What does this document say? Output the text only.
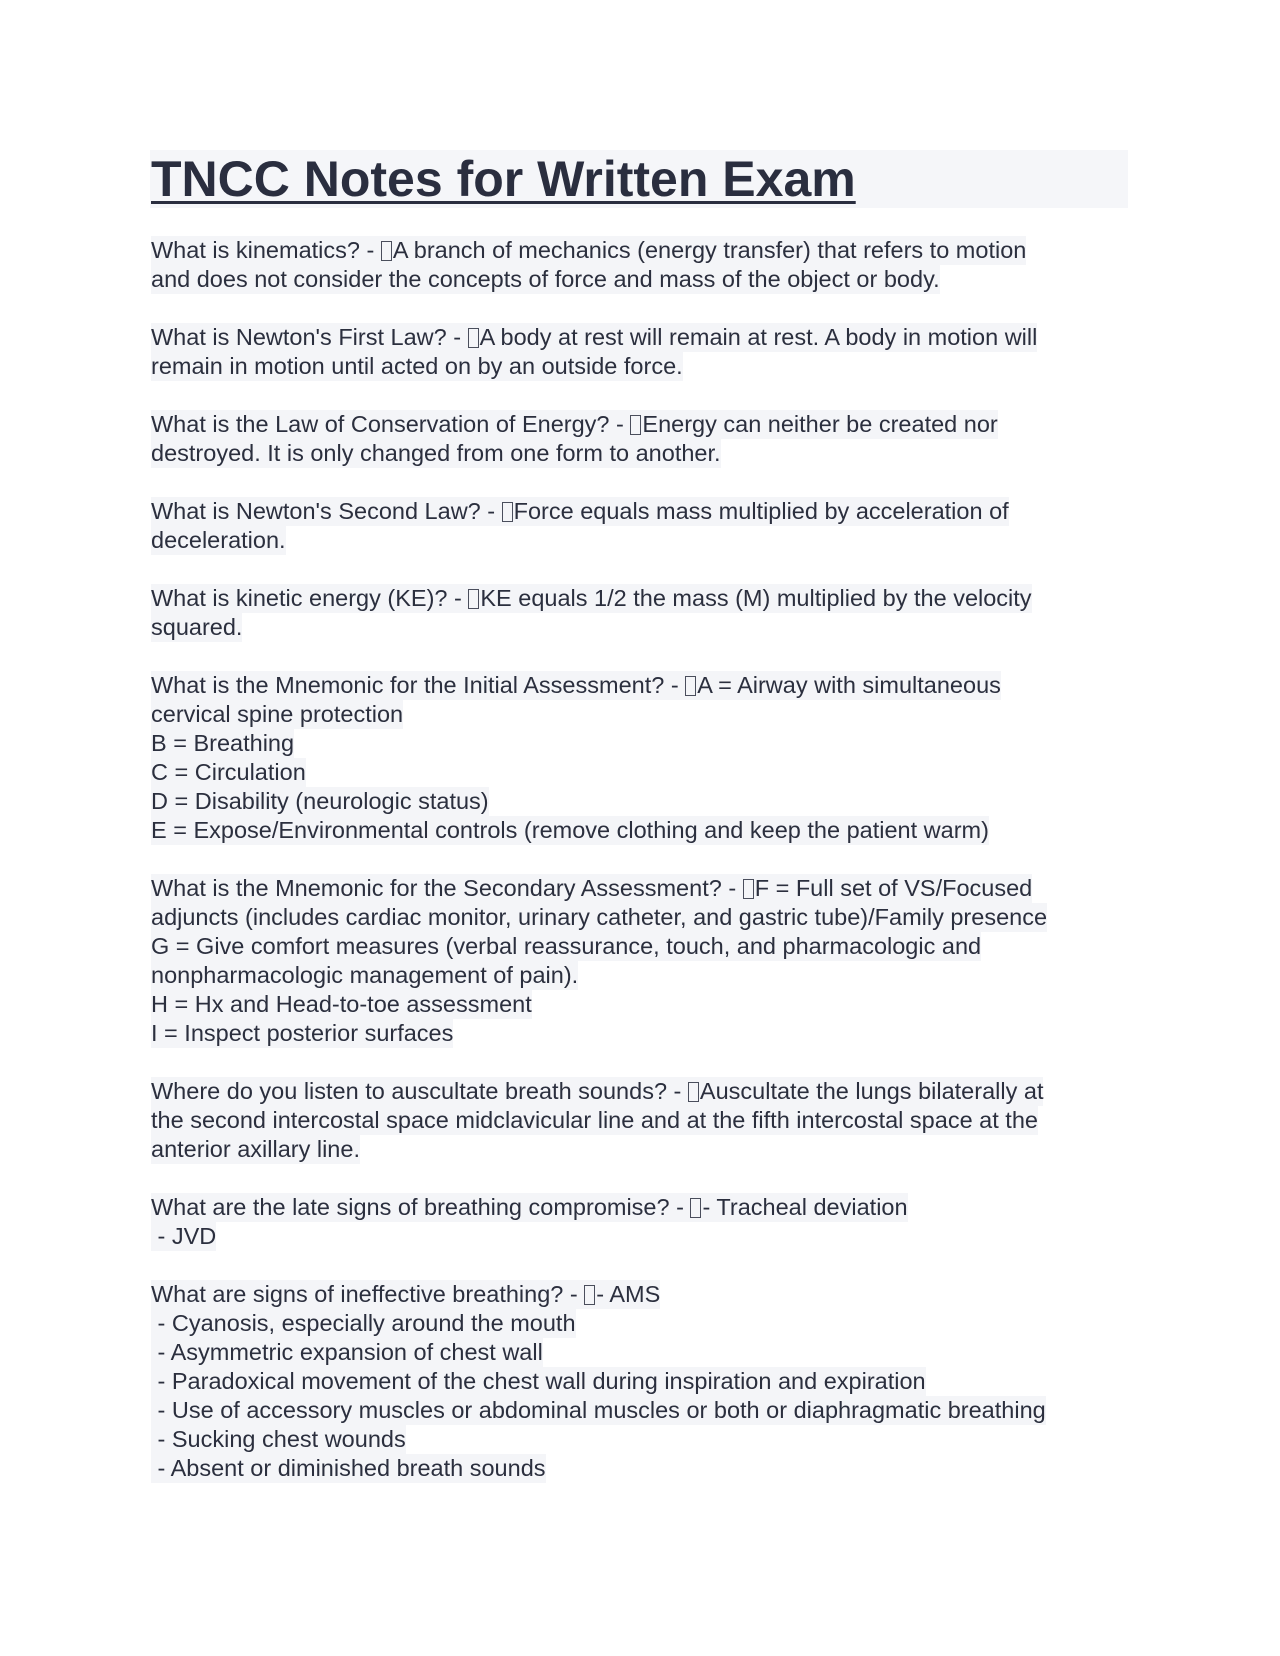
TNCC Notes for Written Exam
What is kinematics? - A branch of mechanics (energy transfer) that refers to motion
and does not consider the concepts of force and mass of the object or body.
What is Newton's First Law? - A body at rest will remain at rest. A body in motion will
remain in motion until acted on by an outside force.
What is the Law of Conservation of Energy? - Energy can neither be created nor
destroyed. It is only changed from one form to another.
What is Newton's Second Law? - Force equals mass multiplied by acceleration of
deceleration.
What is kinetic energy (KE)? - KE equals 1/2 the mass (M) multiplied by the velocity
squared.
What is the Mnemonic for the Initial Assessment? - A = Airway with simultaneous
cervical spine protection
B = Breathing
C = Circulation
D = Disability (neurologic status)
E = Expose/Environmental controls (remove clothing and keep the patient warm)
What is the Mnemonic for the Secondary Assessment? - F = Full set of VS/Focused
adjuncts (includes cardiac monitor, urinary catheter, and gastric tube)/Family presence
G = Give comfort measures (verbal reassurance, touch, and pharmacologic and
nonpharmacologic management of pain).
H = Hx and Head-to-toe assessment
I = Inspect posterior surfaces
Where do you listen to auscultate breath sounds? - Auscultate the lungs bilaterally at
the second intercostal space midclavicular line and at the fifth intercostal space at the
anterior axillary line.
What are the late signs of breathing compromise? - - Tracheal deviation
- JVD
What are signs of ineffective breathing? - - AMS
- Cyanosis, especially around the mouth
- Asymmetric expansion of chest wall
- Paradoxical movement of the chest wall during inspiration and expiration
- Use of accessory muscles or abdominal muscles or both or diaphragmatic breathing
- Sucking chest wounds
- Absent or diminished breath sounds
